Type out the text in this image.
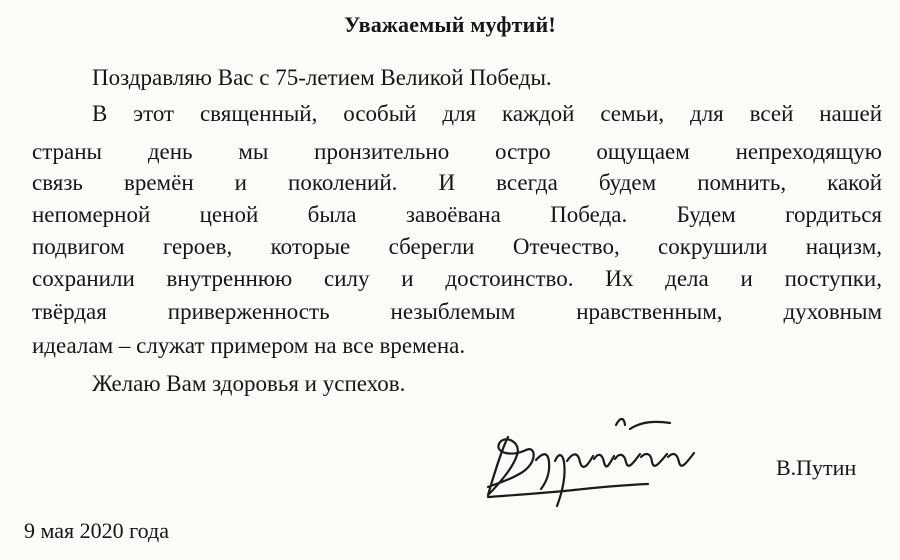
Уважаемый муфтий!
Поздравляю Вас с 75-летием Великой Победы.
В этот священный, особый для каждой семьи, для всей нашей
страны день мы пронзительно остро ощущаем непреходящую
связь времён и поколений. И всегда будем помнить, какой
непомерной ценой была завоёвана Победа. Будем гордиться
подвигом героев, которые сберегли Отечество, сокрушили нацизм,
сохранили внутреннюю силу и достоинство. Их дела и поступки,
твёрдая приверженность незыблемым нравственным, духовным
идеалам – служат примером на все времена.
Желаю Вам здоровья и успехов.
В.Путин
9 мая 2020 года
